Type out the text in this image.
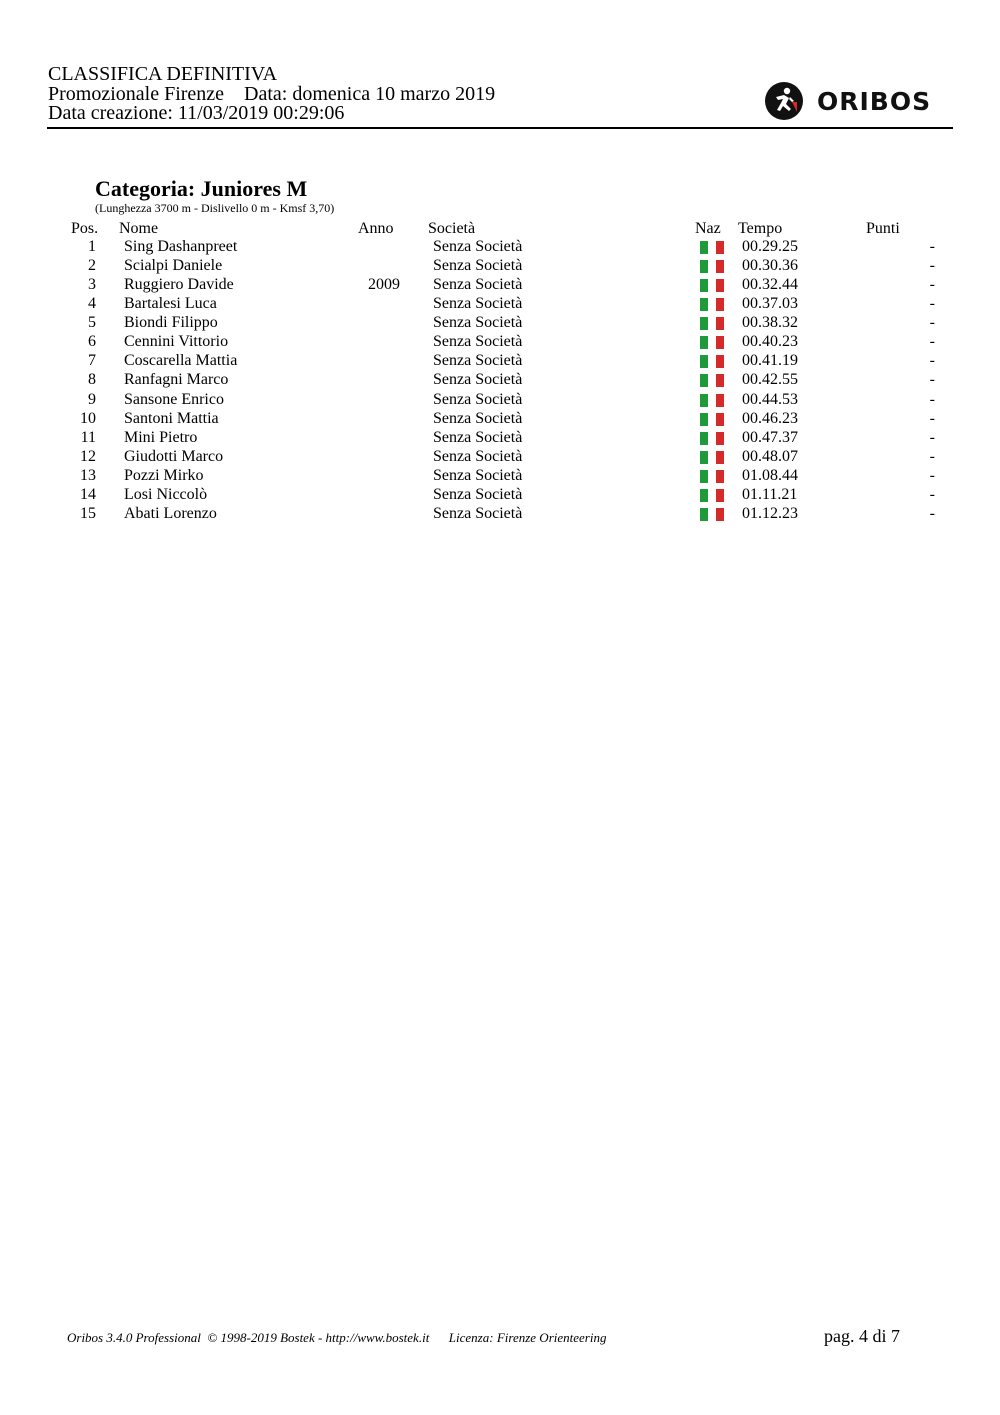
CLASSIFICA DEFINITIVA
Promozionale Firenze    Data: domenica 10 marzo 2019
Data creazione: 11/03/2019 00:29:06	ORIBOS
Categoria: Juniores M
(Lunghezza 3700 m - Dislivello 0 m - Kmsf 3,70)
Pos. Nome	Anno Società	Naz Tempo	Punti
1 Sing Dashanpreet	Senza Società	00.29.25	-
2 Scialpi Daniele	Senza Società	00.30.36	-
3 Ruggiero Davide	2009 Senza Società	00.32.44	-
4 Bartalesi Luca	Senza Società	00.37.03	-
5 Biondi Filippo	Senza Società	00.38.32	-
6 Cennini Vittorio	Senza Società	00.40.23	-
7 Coscarella Mattia	Senza Società	00.41.19	-
8 Ranfagni Marco	Senza Società	00.42.55	-
9 Sansone Enrico	Senza Società	00.44.53	-
10 Santoni Mattia	Senza Società	00.46.23	-
11 Mini Pietro	Senza Società	00.47.37	-
12 Giudotti Marco	Senza Società	00.48.07	-
13 Pozzi Mirko	Senza Società	01.08.44	-
14 Losi Niccolò	Senza Società	01.11.21	-
15 Abati Lorenzo	Senza Società	01.12.23	-
Oribos 3.4.0 Professional  © 1998-2019 Bostek - http://www.bostek.it      Licenza: Firenze Orienteering	pag. 4 di 7
